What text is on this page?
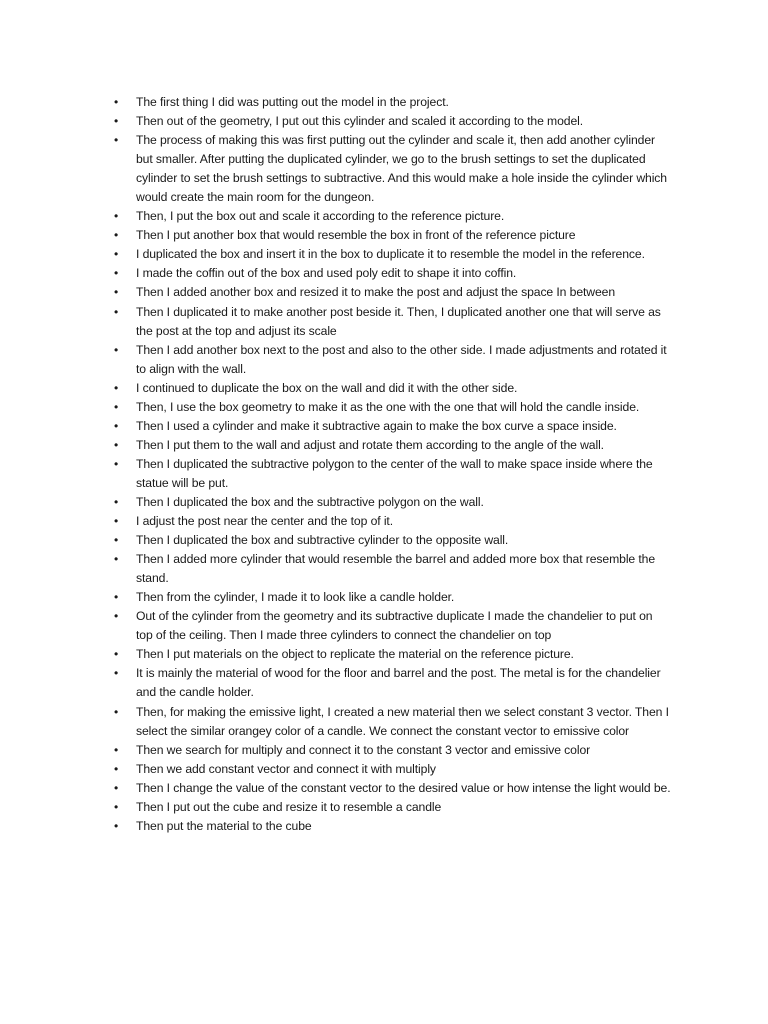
•	The first thing I did was putting out the model in the project.
•	Then out of the geometry, I put out this cylinder and scaled it according to the model.
•	The process of making this was first putting out the cylinder and scale it, then add another cylinder but smaller. After putting the duplicated cylinder, we go to the brush settings to set the duplicated cylinder to set the brush settings to subtractive. And this would make a hole inside the cylinder which would create the main room for the dungeon.
•	Then, I put the box out and scale it according to the reference picture.
•	Then I put another box that would resemble the box in front of the reference picture
•	I duplicated the box and insert it in the box to duplicate it to resemble the model in the reference.
•	I made the coffin out of the box and used poly edit to shape it into coffin.
•	Then I added another box and resized it to make the post and adjust the space In between
•	Then I duplicated it to make another post beside it. Then, I duplicated another one that will serve as the post at the top and adjust its scale
•	Then I add another box next to the post and also to the other side. I made adjustments and rotated it to align with the wall.
•	I continued to duplicate the box on the wall and did it with the other side.
•	Then, I use the box geometry to make it as the one with the one that will hold the candle inside.
•	Then I used a cylinder and make it subtractive again to make the box curve a space inside.
•	Then I put them to the wall and adjust and rotate them according to the angle of the wall.
•	Then I duplicated the subtractive polygon to the center of the wall to make space inside where the statue will be put.
•	Then I duplicated the box and the subtractive polygon on the wall.
•	I adjust the post near the center and the top of it.
•	Then I duplicated the box and subtractive cylinder to the opposite wall.
•	Then I added more cylinder that would resemble the barrel and added more box that resemble the stand.
•	Then from the cylinder, I made it to look like a candle holder.
•	Out of the cylinder from the geometry and its subtractive duplicate I made the chandelier to put on top of the ceiling. Then I made three cylinders to connect the chandelier on top
•	Then I put materials on the object to replicate the material on the reference picture.
•	It is mainly the material of wood for the floor and barrel and the post. The metal is for the chandelier and the candle holder.
•	Then, for making the emissive light, I created a new material then we select constant 3 vector. Then I select the similar orangey color of a candle. We connect the constant vector to emissive color
•	Then we search for multiply and connect it to the constant 3 vector and emissive color
•	Then we add constant vector and connect it with multiply
•	Then I change the value of the constant vector to the desired value or how intense the light would be.
•	Then I put out the cube and resize it to resemble a candle
•	Then put the material to the cube
